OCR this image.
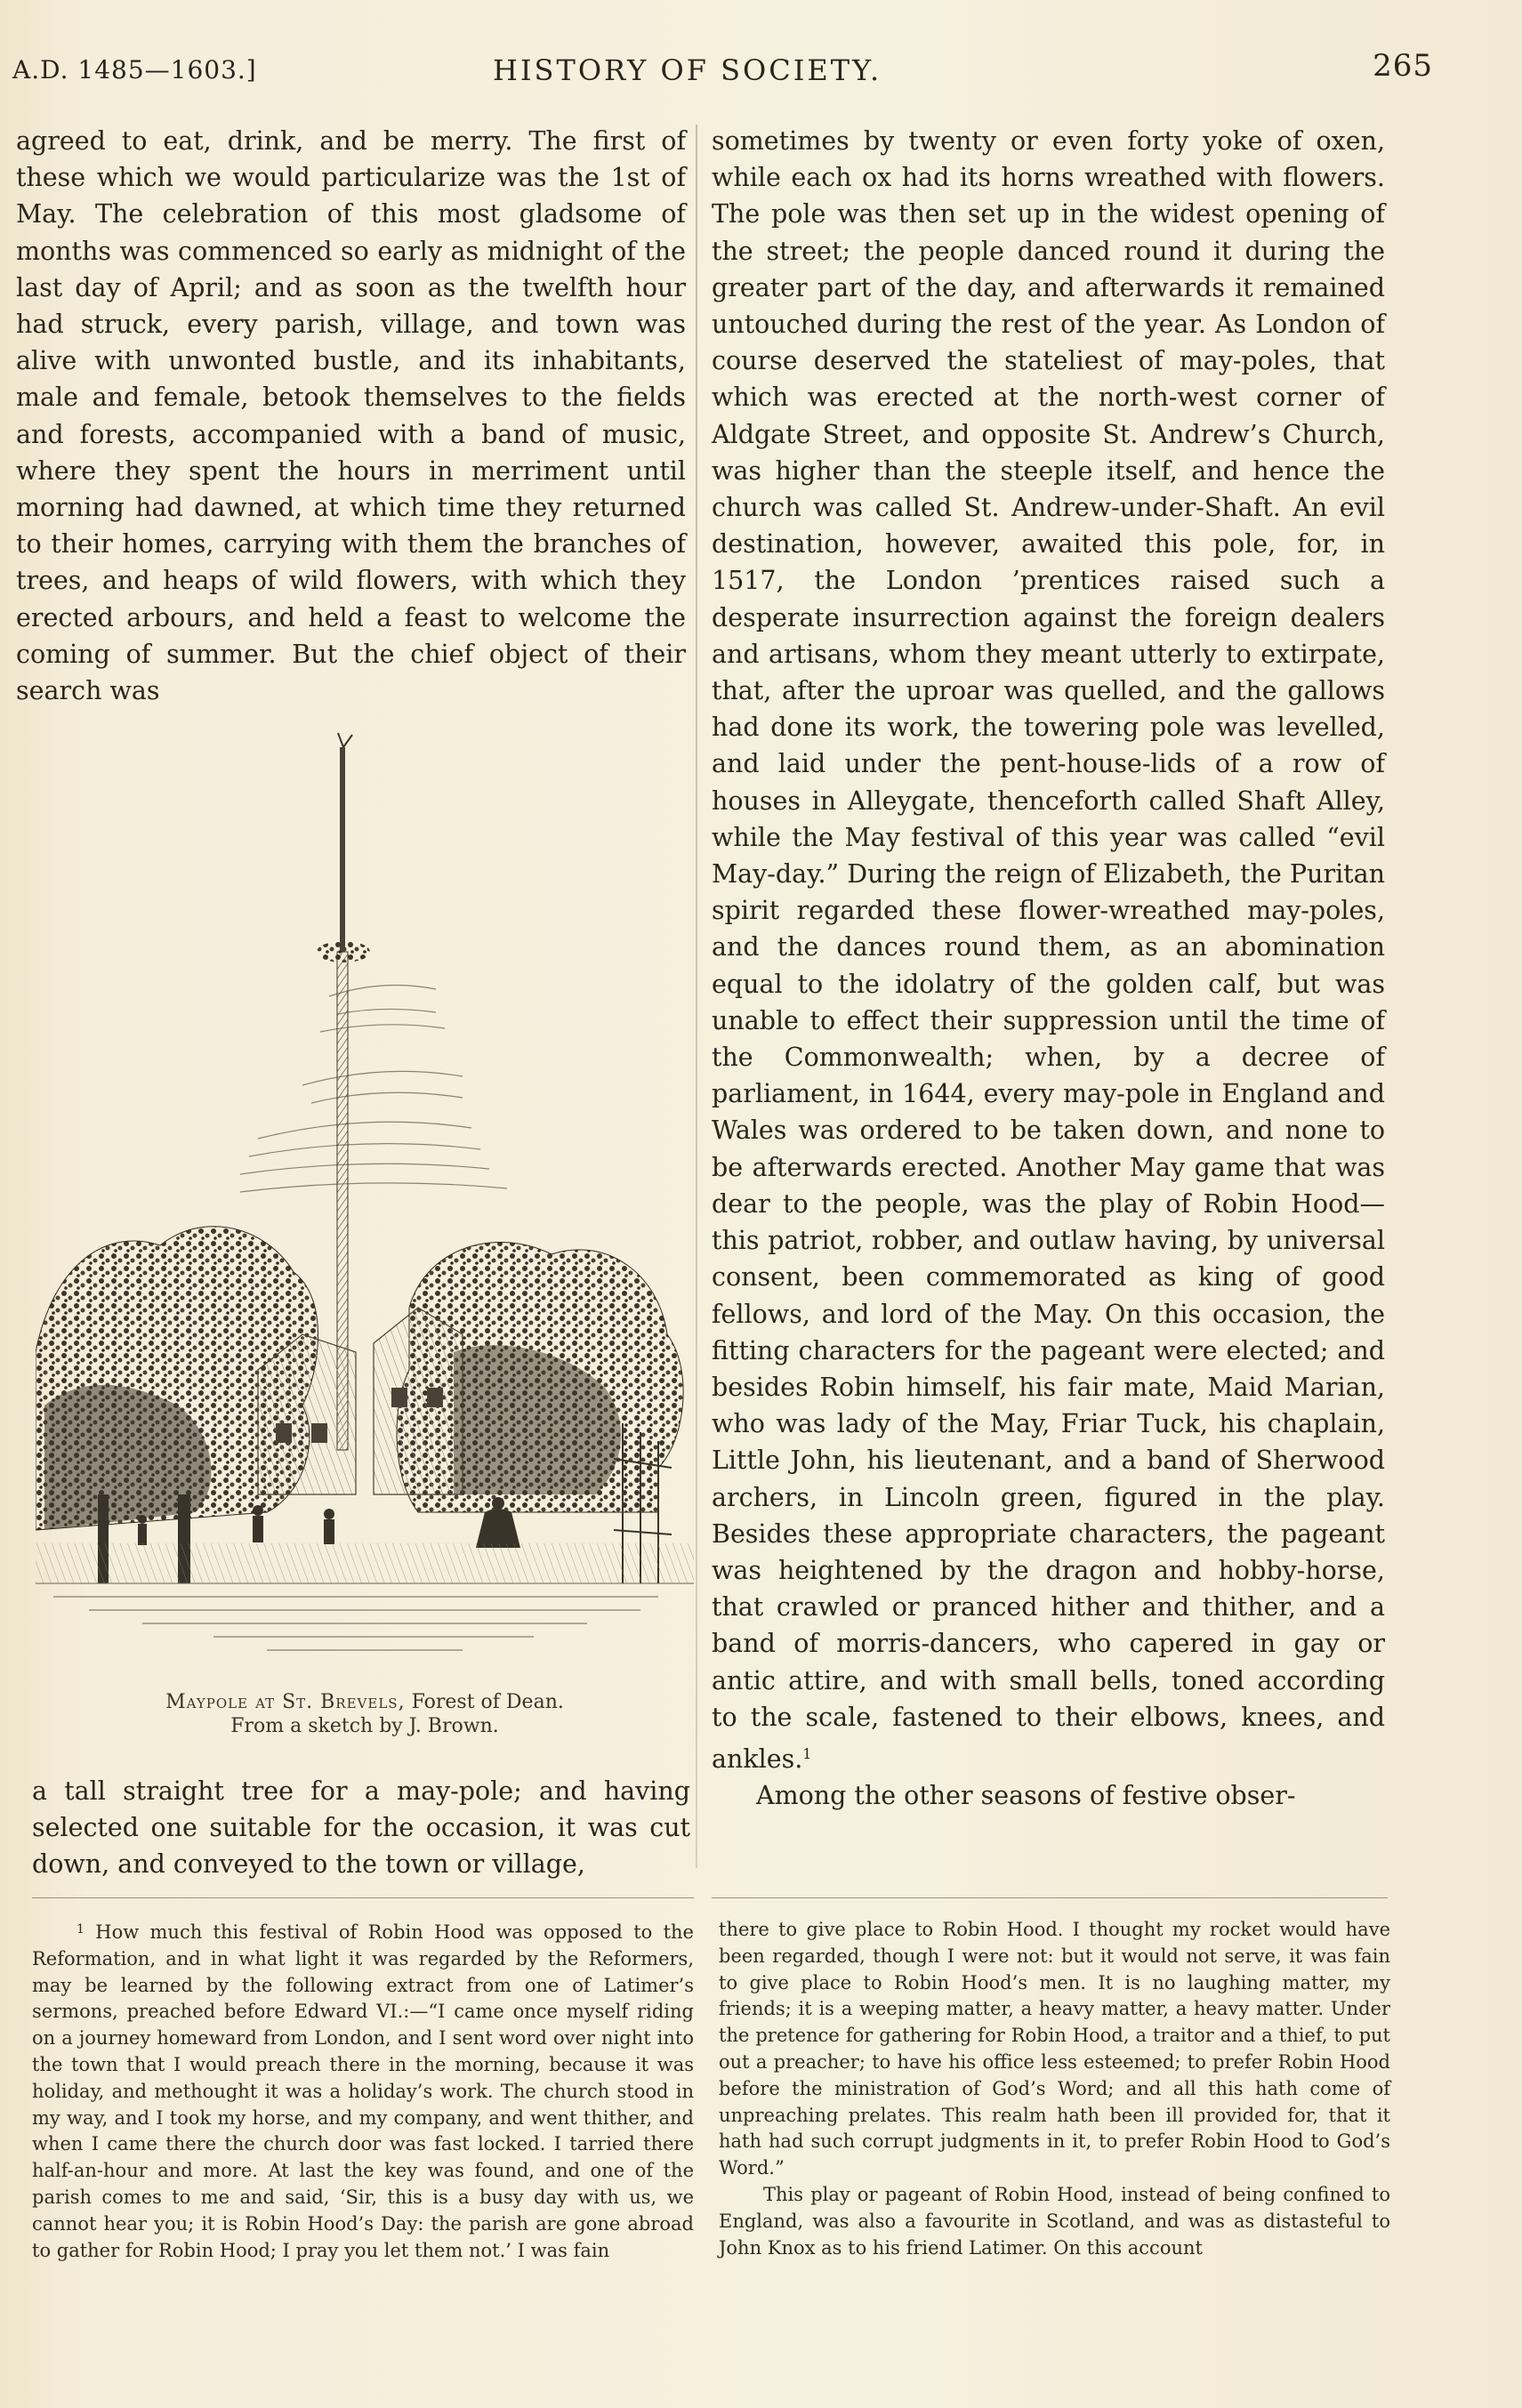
A.D. 1485—1603.]	HISTORY OF SOCIETY.	265

agreed to eat, drink, and be merry. The first of these which we would particularize was the 1st of May. The celebration of this most gladsome of months was commenced so early as midnight of the last day of April; and as soon as the twelfth hour had struck, every parish, village, and town was alive with unwonted bustle, and its inhabitants, male and female, betook themselves to the fields and forests, accompanied with a band of music, where they spent the hours in merriment until morning had dawned, at which time they returned to their homes, carrying with them the branches of trees, and heaps of wild flowers, with which they erected arbours, and held a feast to welcome the coming of summer. But the chief object of their search was

Maypole at St. Brevels, Forest of Dean.
From a sketch by J. Brown.

a tall straight tree for a may-pole; and having selected one suitable for the occasion, it was cut down, and conveyed to the town or village,

sometimes by twenty or even forty yoke of oxen, while each ox had its horns wreathed with flowers. The pole was then set up in the widest opening of the street; the people danced round it during the greater part of the day, and afterwards it remained untouched during the rest of the year. As London of course deserved the stateliest of may-poles, that which was erected at the north-west corner of Aldgate Street, and opposite St. Andrew’s Church, was higher than the steeple itself, and hence the church was called St. Andrew-under-Shaft. An evil destination, however, awaited this pole, for, in 1517, the London ’prentices raised such a desperate insurrection against the foreign dealers and artisans, whom they meant utterly to extirpate, that, after the uproar was quelled, and the gallows had done its work, the towering pole was levelled, and laid under the pent-house-lids of a row of houses in Alleygate, thenceforth called Shaft Alley, while the May festival of this year was called “evil May-day.” During the reign of Elizabeth, the Puritan spirit regarded these flower-wreathed may-poles, and the dances round them, as an abomination equal to the idolatry of the golden calf, but was unable to effect their suppression until the time of the Commonwealth; when, by a decree of parliament, in 1644, every may-pole in England and Wales was ordered to be taken down, and none to be afterwards erected. Another May game that was dear to the people, was the play of Robin Hood—this patriot, robber, and outlaw having, by universal consent, been commemorated as king of good fellows, and lord of the May. On this occasion, the fitting characters for the pageant were elected; and besides Robin himself, his fair mate, Maid Marian, who was lady of the May, Friar Tuck, his chaplain, Little John, his lieutenant, and a band of Sherwood archers, in Lincoln green, figured in the play. Besides these appropriate characters, the pageant was heightened by the dragon and hobby-horse, that crawled or pranced hither and thither, and a band of morris-dancers, who capered in gay or antic attire, and with small bells, toned according to the scale, fastened to their elbows, knees, and ankles.$^1$

Among the other seasons of festive obser-

$^1$ How much this festival of Robin Hood was opposed to the Reformation, and in what light it was regarded by the Reformers, may be learned by the following extract from one of Latimer’s sermons, preached before Edward VI.:—“I came once myself riding on a journey homeward from London, and I sent word over night into the town that I would preach there in the morning, because it was holiday, and methought it was a holiday’s work. The church stood in my way, and I took my horse, and my company, and went thither, and when I came there the church door was fast locked. I tarried there half-an-hour and more. At last the key was found, and one of the parish comes to me and said, ‘Sir, this is a busy day with us, we cannot hear you; it is Robin Hood’s Day: the parish are gone abroad to gather for Robin Hood; I pray you let them not.’ I was fain

there to give place to Robin Hood. I thought my rocket would have been regarded, though I were not: but it would not serve, it was fain to give place to Robin Hood’s men. It is no laughing matter, my friends; it is a weeping matter, a heavy matter, a heavy matter. Under the pretence for gathering for Robin Hood, a traitor and a thief, to put out a preacher; to have his office less esteemed; to prefer Robin Hood before the ministration of God’s Word; and all this hath come of unpreaching prelates. This realm hath been ill provided for, that it hath had such corrupt judgments in it, to prefer Robin Hood to God’s Word.”

This play or pageant of Robin Hood, instead of being confined to England, was also a favourite in Scotland, and was as distasteful to John Knox as to his friend Latimer. On this account
